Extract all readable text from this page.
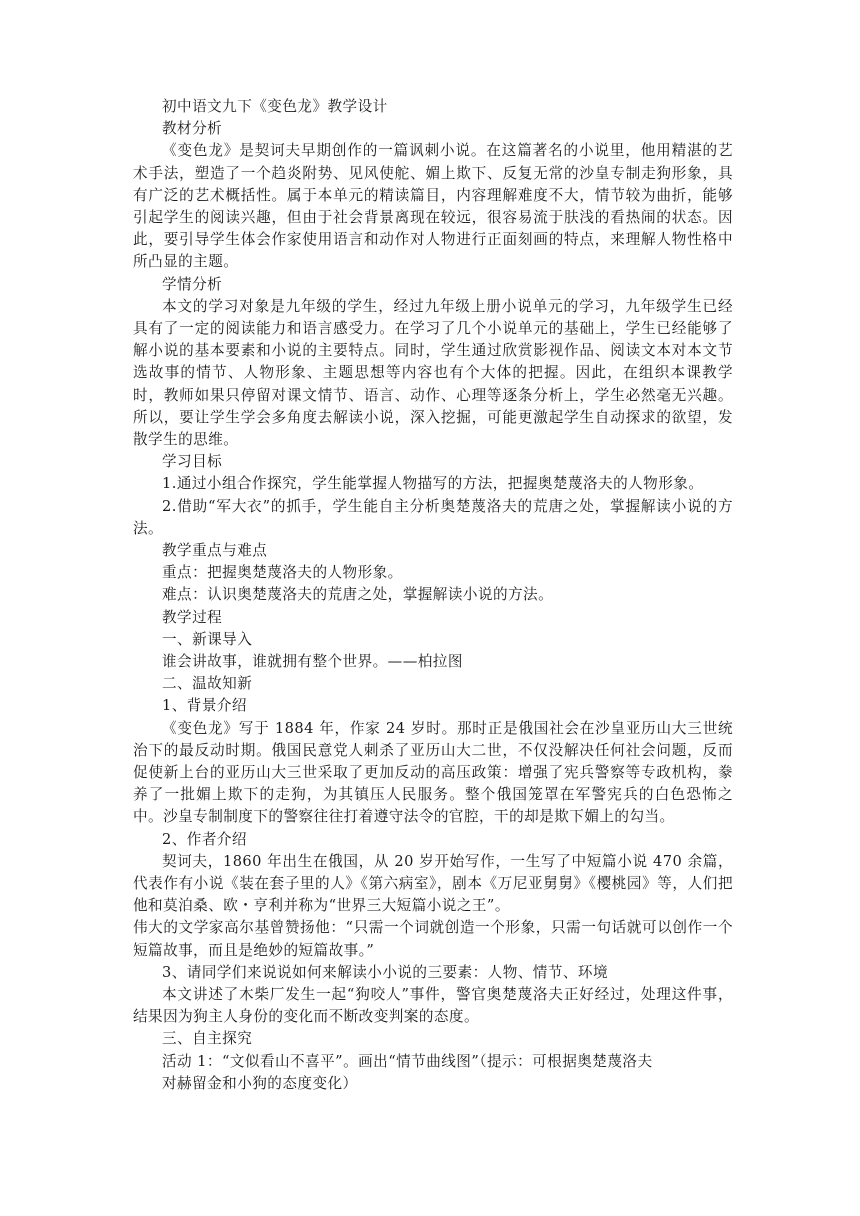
初中语文九下《变色龙》教学设计
教材分析
《变色龙》是契诃夫早期创作的一篇讽刺小说。在这篇著名的小说里，他用精湛的艺术手法，塑造了一个趋炎附势、见风使舵、媚上欺下、反复无常的沙皇专制走狗形象，具有广泛的艺术概括性。属于本单元的精读篇目，内容理解难度不大，情节较为曲折，能够引起学生的阅读兴趣，但由于社会背景离现在较远，很容易流于肤浅的看热闹的状态。因此，要引导学生体会作家使用语言和动作对人物进行正面刻画的特点，来理解人物性格中所凸显的主题。
学情分析
本文的学习对象是九年级的学生，经过九年级上册小说单元的学习，九年级学生已经具有了一定的阅读能力和语言感受力。在学习了几个小说单元的基础上，学生已经能够了解小说的基本要素和小说的主要特点。同时，学生通过欣赏影视作品、阅读文本对本文节选故事的情节、人物形象、主题思想等内容也有个大体的把握。因此，在组织本课教学时，教师如果只停留对课文情节、语言、动作、心理等逐条分析上，学生必然毫无兴趣。所以，要让学生学会多角度去解读小说，深入挖掘，可能更激起学生自动探求的欲望，发散学生的思维。
学习目标
1.通过小组合作探究，学生能掌握人物描写的方法，把握奥楚蔑洛夫的人物形象。
2.借助“军大衣”的抓手，学生能自主分析奥楚蔑洛夫的荒唐之处，掌握解读小说的方法。
教学重点与难点
重点：把握奥楚蔑洛夫的人物形象。
难点：认识奥楚蔑洛夫的荒唐之处，掌握解读小说的方法。
教学过程
一、新课导入
谁会讲故事，谁就拥有整个世界。——柏拉图
二、温故知新
1、背景介绍
《变色龙》写于 1884 年，作家 24 岁时。那时正是俄国社会在沙皇亚历山大三世统治下的最反动时期。俄国民意党人刺杀了亚历山大二世，不仅没解决任何社会问题，反而促使新上台的亚历山大三世采取了更加反动的高压政策：增强了宪兵警察等专政机构，豢养了一批媚上欺下的走狗，为其镇压人民服务。整个俄国笼罩在军警宪兵的白色恐怖之中。沙皇专制制度下的警察往往打着遵守法令的官腔，干的却是欺下媚上的勾当。
2、作者介绍
契诃夫，1860 年出生在俄国，从 20 岁开始写作，一生写了中短篇小说 470 余篇，代表作有小说《装在套子里的人》《第六病室》，剧本《万尼亚舅舅》《樱桃园》等，人们把他和莫泊桑、欧・亨利并称为“世界三大短篇小说之王”。
伟大的文学家高尔基曾赞扬他：“只需一个词就创造一个形象，只需一句话就可以创作一个短篇故事，而且是绝妙的短篇故事。”
3、请同学们来说说如何来解读小小说的三要素：人物、情节、环境
本文讲述了木柴厂发生一起“狗咬人”事件，警官奥楚蔑洛夫正好经过，处理这件事，结果因为狗主人身份的变化而不断改变判案的态度。
三、自主探究
活动 1：“文似看山不喜平”。画出“情节曲线图”（提示：可根据奥楚蔑洛夫
对赫留金和小狗的态度变化）
